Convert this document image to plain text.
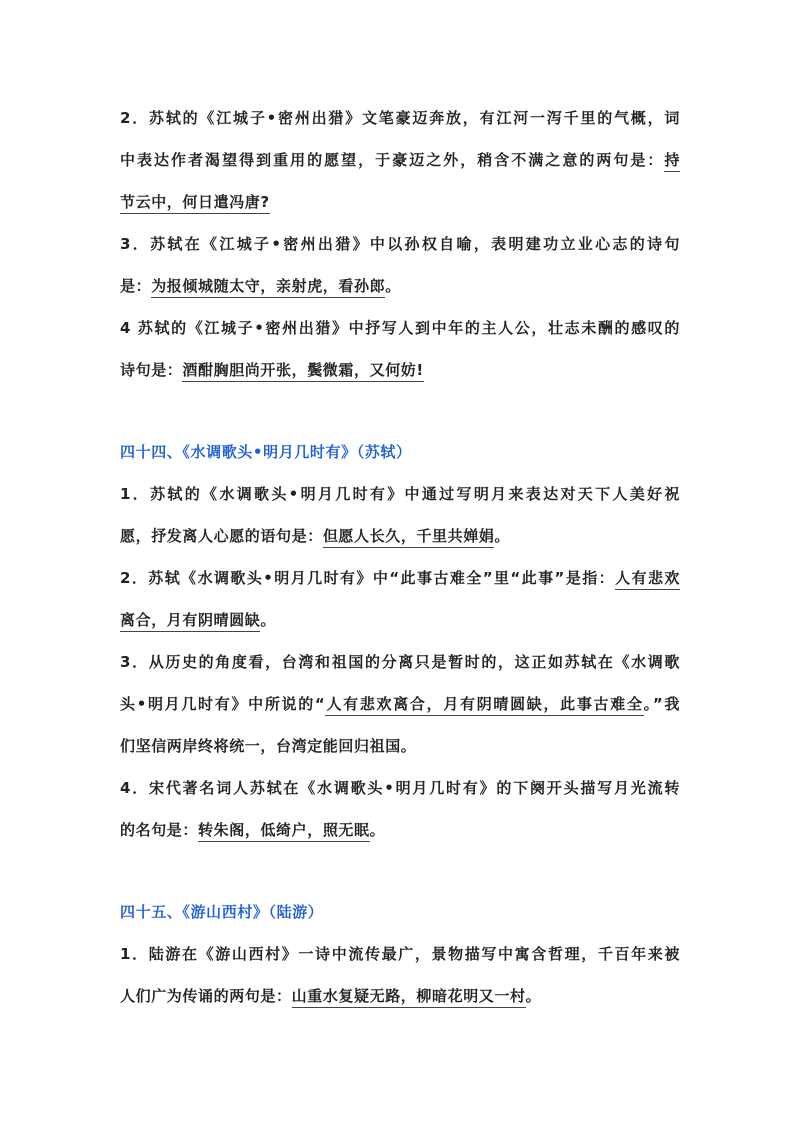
2．苏轼的《江城子•密州出猎》文笔豪迈奔放，有江河一泻千里的气概，词
中表达作者渴望得到重用的愿望，于豪迈之外，稍含不满之意的两句是：持
节云中，何日遣冯唐?
3．苏轼在《江城子•密州出猎》中以孙权自喻，表明建功立业心志的诗句
是：为报倾城随太守，亲射虎，看孙郎。
4 苏轼的《江城子•密州出猎》中抒写人到中年的主人公，壮志未酬的感叹的
诗句是：酒酣胸胆尚开张，鬓微霜，又何妨!
四十四、《水调歌头•明月几时有》（苏轼）
1．苏轼的《水调歌头•明月几时有》中通过写明月来表达对天下人美好祝
愿，抒发离人心愿的语句是：但愿人长久，千里共婵娟。
2．苏轼《水调歌头•明月几时有》中“此事古难全”里“此事”是指：人有悲欢
离合，月有阴晴圆缺。
3．从历史的角度看，台湾和祖国的分离只是暂时的，这正如苏轼在《水调歌
头•明月几时有》中所说的“人有悲欢离合，月有阴晴圆缺，此事古难全。”我
们坚信两岸终将统一，台湾定能回归祖国。
4．宋代著名词人苏轼在《水调歌头•明月几时有》的下阕开头描写月光流转
的名句是：转朱阁，低绮户，照无眠。
四十五、《游山西村》（陆游）
1．陆游在《游山西村》一诗中流传最广，景物描写中寓含哲理，千百年来被
人们广为传诵的两句是：山重水复疑无路，柳暗花明又一村。
